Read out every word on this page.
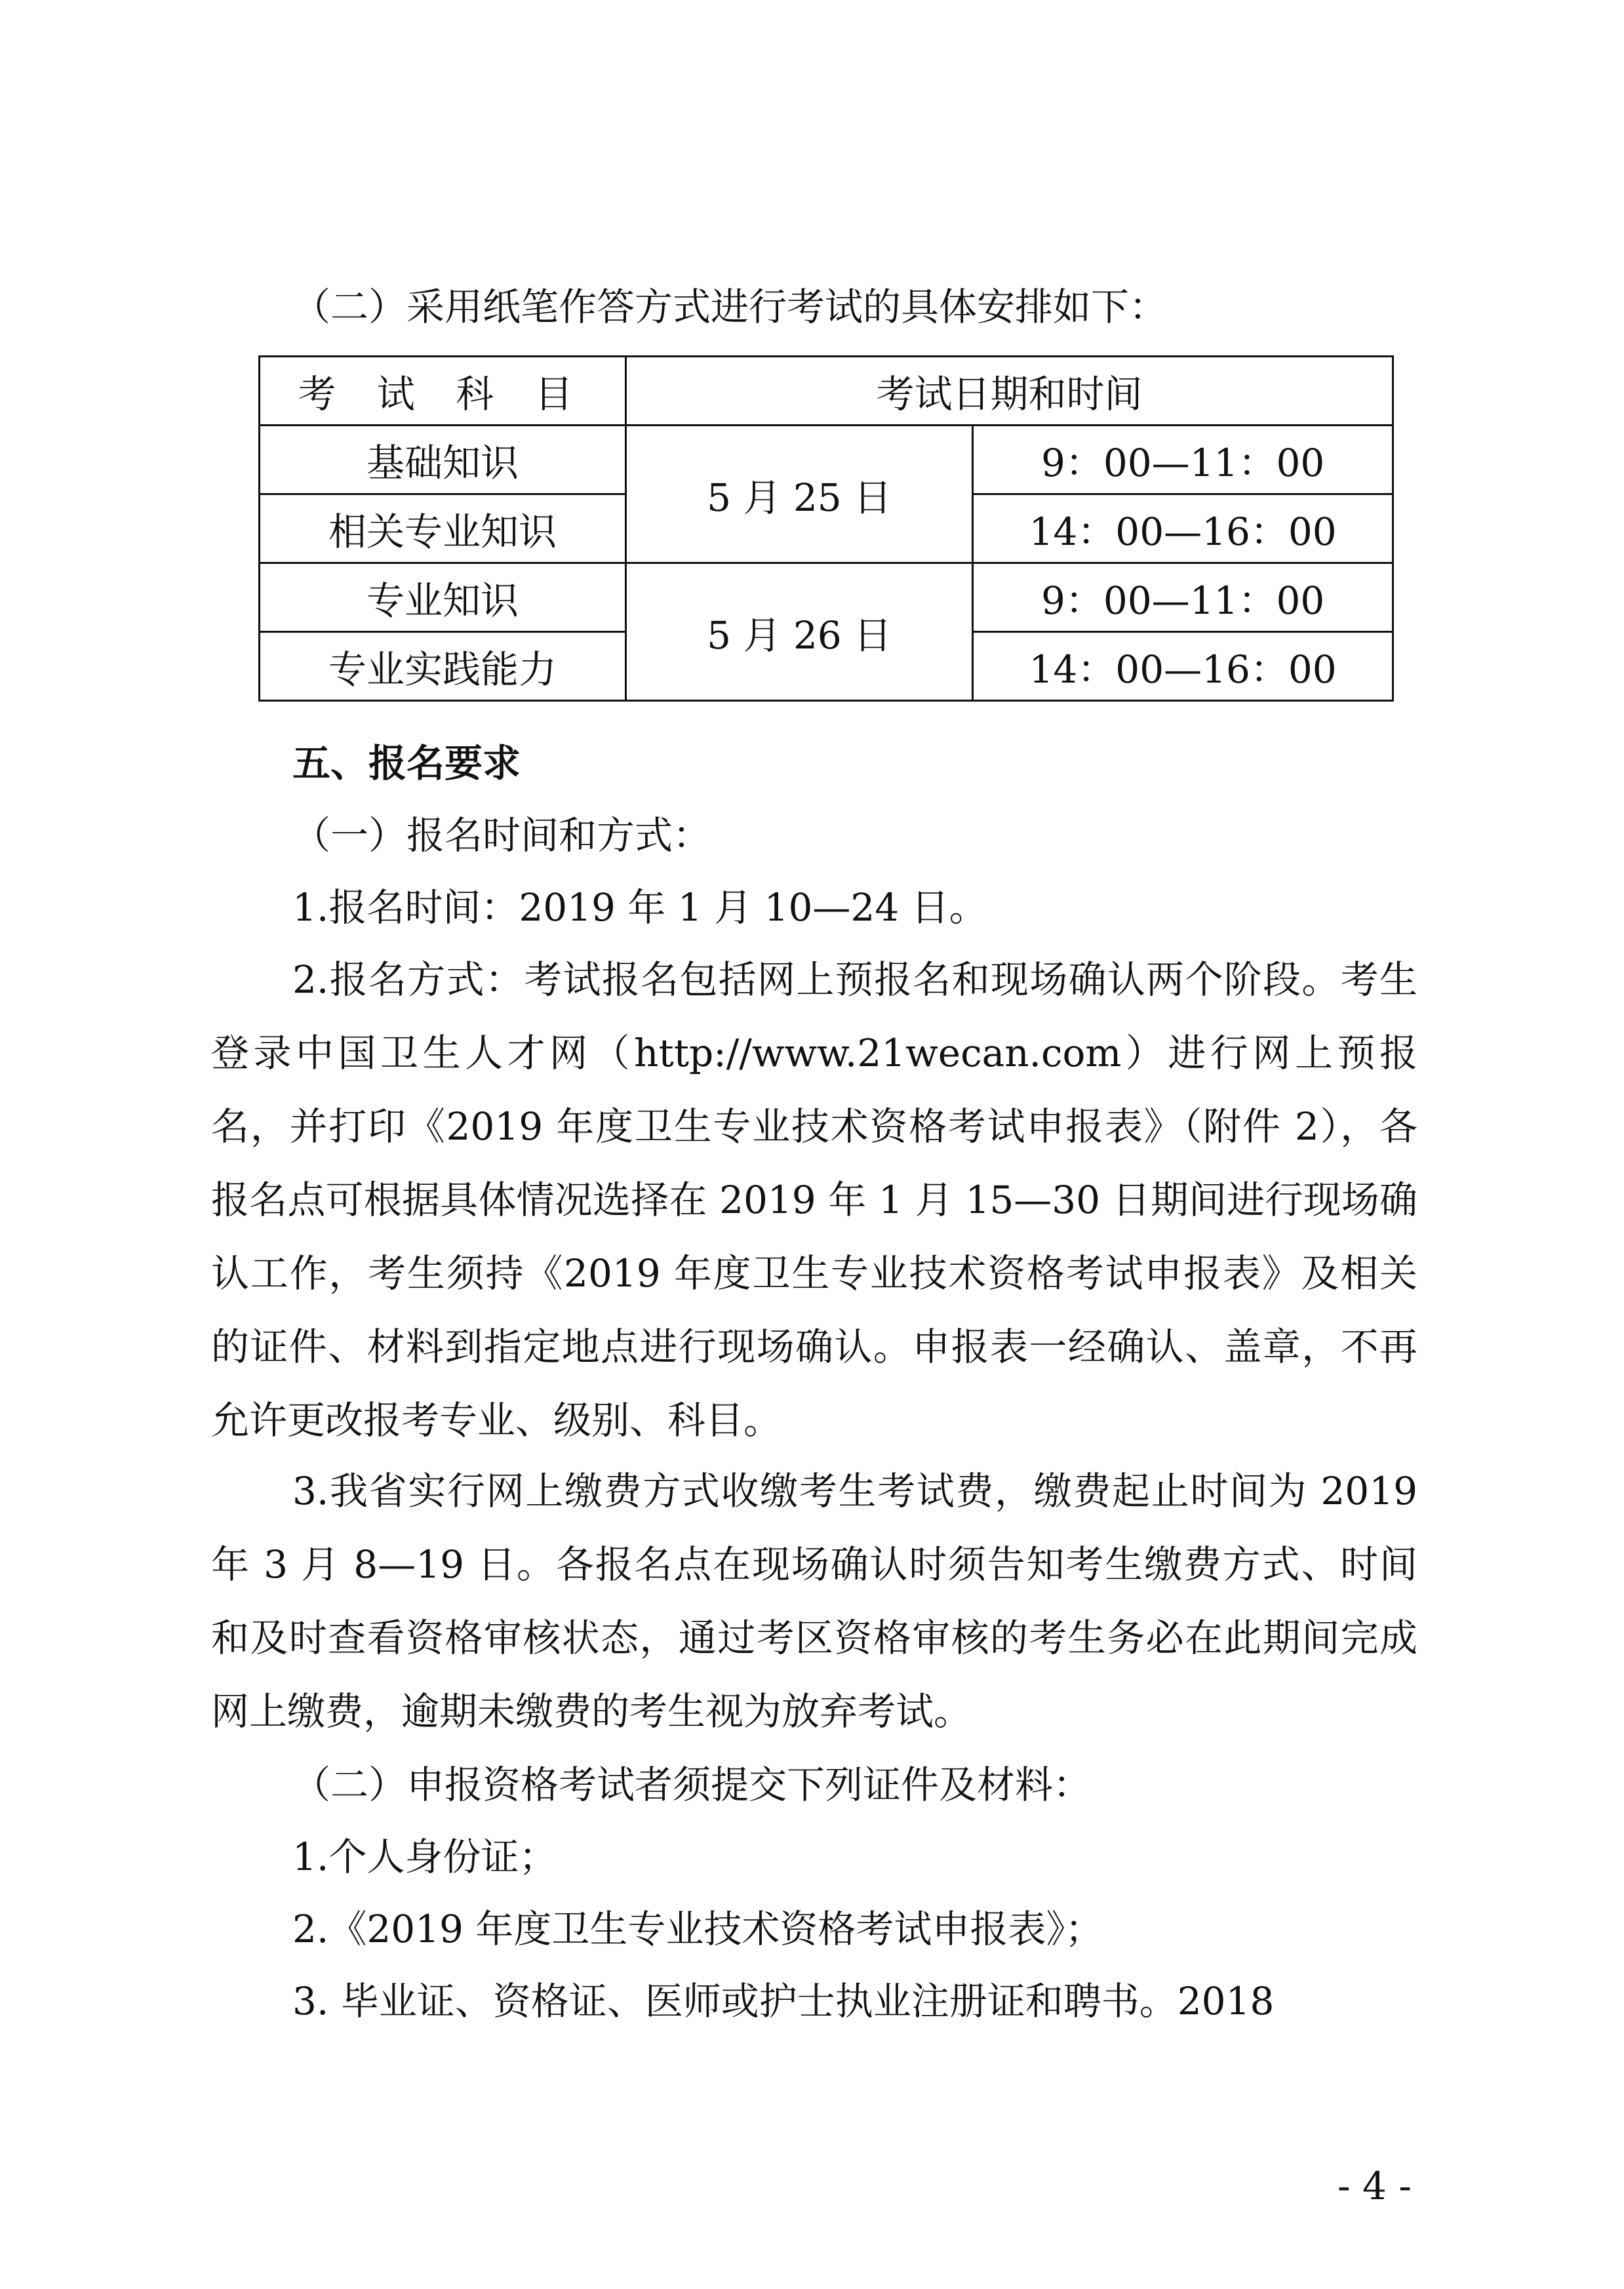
（二）采用纸笔作答方式进行考试的具体安排如下：

考 试 科 目	考试日期和时间	
基础知识	5 月 25 日	9：00—11：00
相关专业知识		14：00—16：00
专业知识	5 月 26 日	9：00—11：00
专业实践能力		14：00—16：00

五、报名要求

（一）报名时间和方式：

1.报名时间：2019 年 1 月 10—24 日。

2.报名方式：考试报名包括网上预报名和现场确认两个阶段。考生登录中国卫生人才网（http://www.21wecan.com）进行网上预报名，并打印《2019 年度卫生专业技术资格考试申报表》（附件 2），各报名点可根据具体情况选择在 2019 年 1 月 15—30 日期间进行现场确认工作，考生须持《2019 年度卫生专业技术资格考试申报表》及相关的证件、材料到指定地点进行现场确认。申报表一经确认、盖章，不再允许更改报考专业、级别、科目。

3.我省实行网上缴费方式收缴考生考试费，缴费起止时间为 2019 年 3 月 8—19 日。各报名点在现场确认时须告知考生缴费方式、时间和及时查看资格审核状态，通过考区资格审核的考生务必在此期间完成网上缴费，逾期未缴费的考生视为放弃考试。

（二）申报资格考试者须提交下列证件及材料：

1.个人身份证；

2.《2019 年度卫生专业技术资格考试申报表》；

3. 毕业证、资格证、医师或护士执业注册证和聘书。2018

- 4 -
